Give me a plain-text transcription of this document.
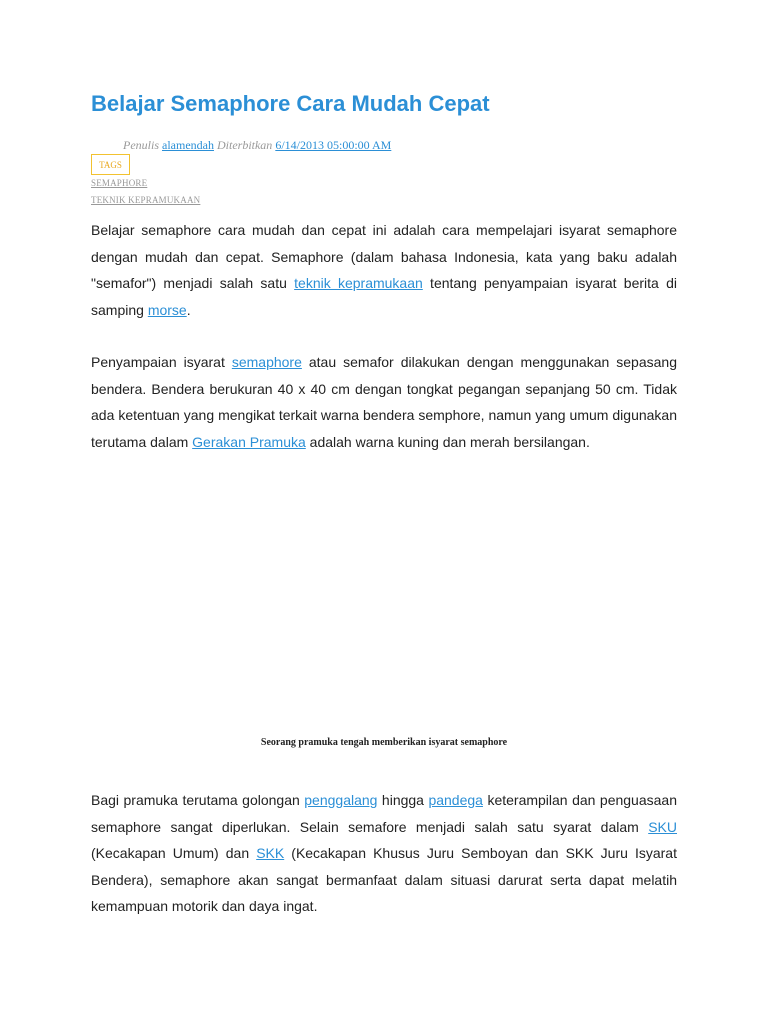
Belajar Semaphore Cara Mudah Cepat
Penulis alamendah Diterbitkan 6/14/2013 05:00:00 AM
TAGS
SEMAPHORE
TEKNIK KEPRAMUKAAN

Belajar semaphore cara mudah dan cepat ini adalah cara mempelajari isyarat semaphore dengan mudah dan cepat. Semaphore (dalam bahasa Indonesia, kata yang baku adalah "semafor") menjadi salah satu teknik kepramukaan tentang penyampaian isyarat berita di samping morse.

Penyampaian isyarat semaphore atau semafor dilakukan dengan menggunakan sepasang bendera. Bendera berukuran 40 x 40 cm dengan tongkat pegangan sepanjang 50 cm. Tidak ada ketentuan yang mengikat terkait warna bendera semphore, namun yang umum digunakan terutama dalam Gerakan Pramuka adalah warna kuning dan merah bersilangan.

Seorang pramuka tengah memberikan isyarat semaphore

Bagi pramuka terutama golongan penggalang hingga pandega keterampilan dan penguasaan semaphore sangat diperlukan. Selain semafore menjadi salah satu syarat dalam SKU (Kecakapan Umum) dan SKK (Kecakapan Khusus Juru Semboyan dan SKK Juru Isyarat Bendera), semaphore akan sangat bermanfaat dalam situasi darurat serta dapat melatih kemampuan motorik dan daya ingat.
